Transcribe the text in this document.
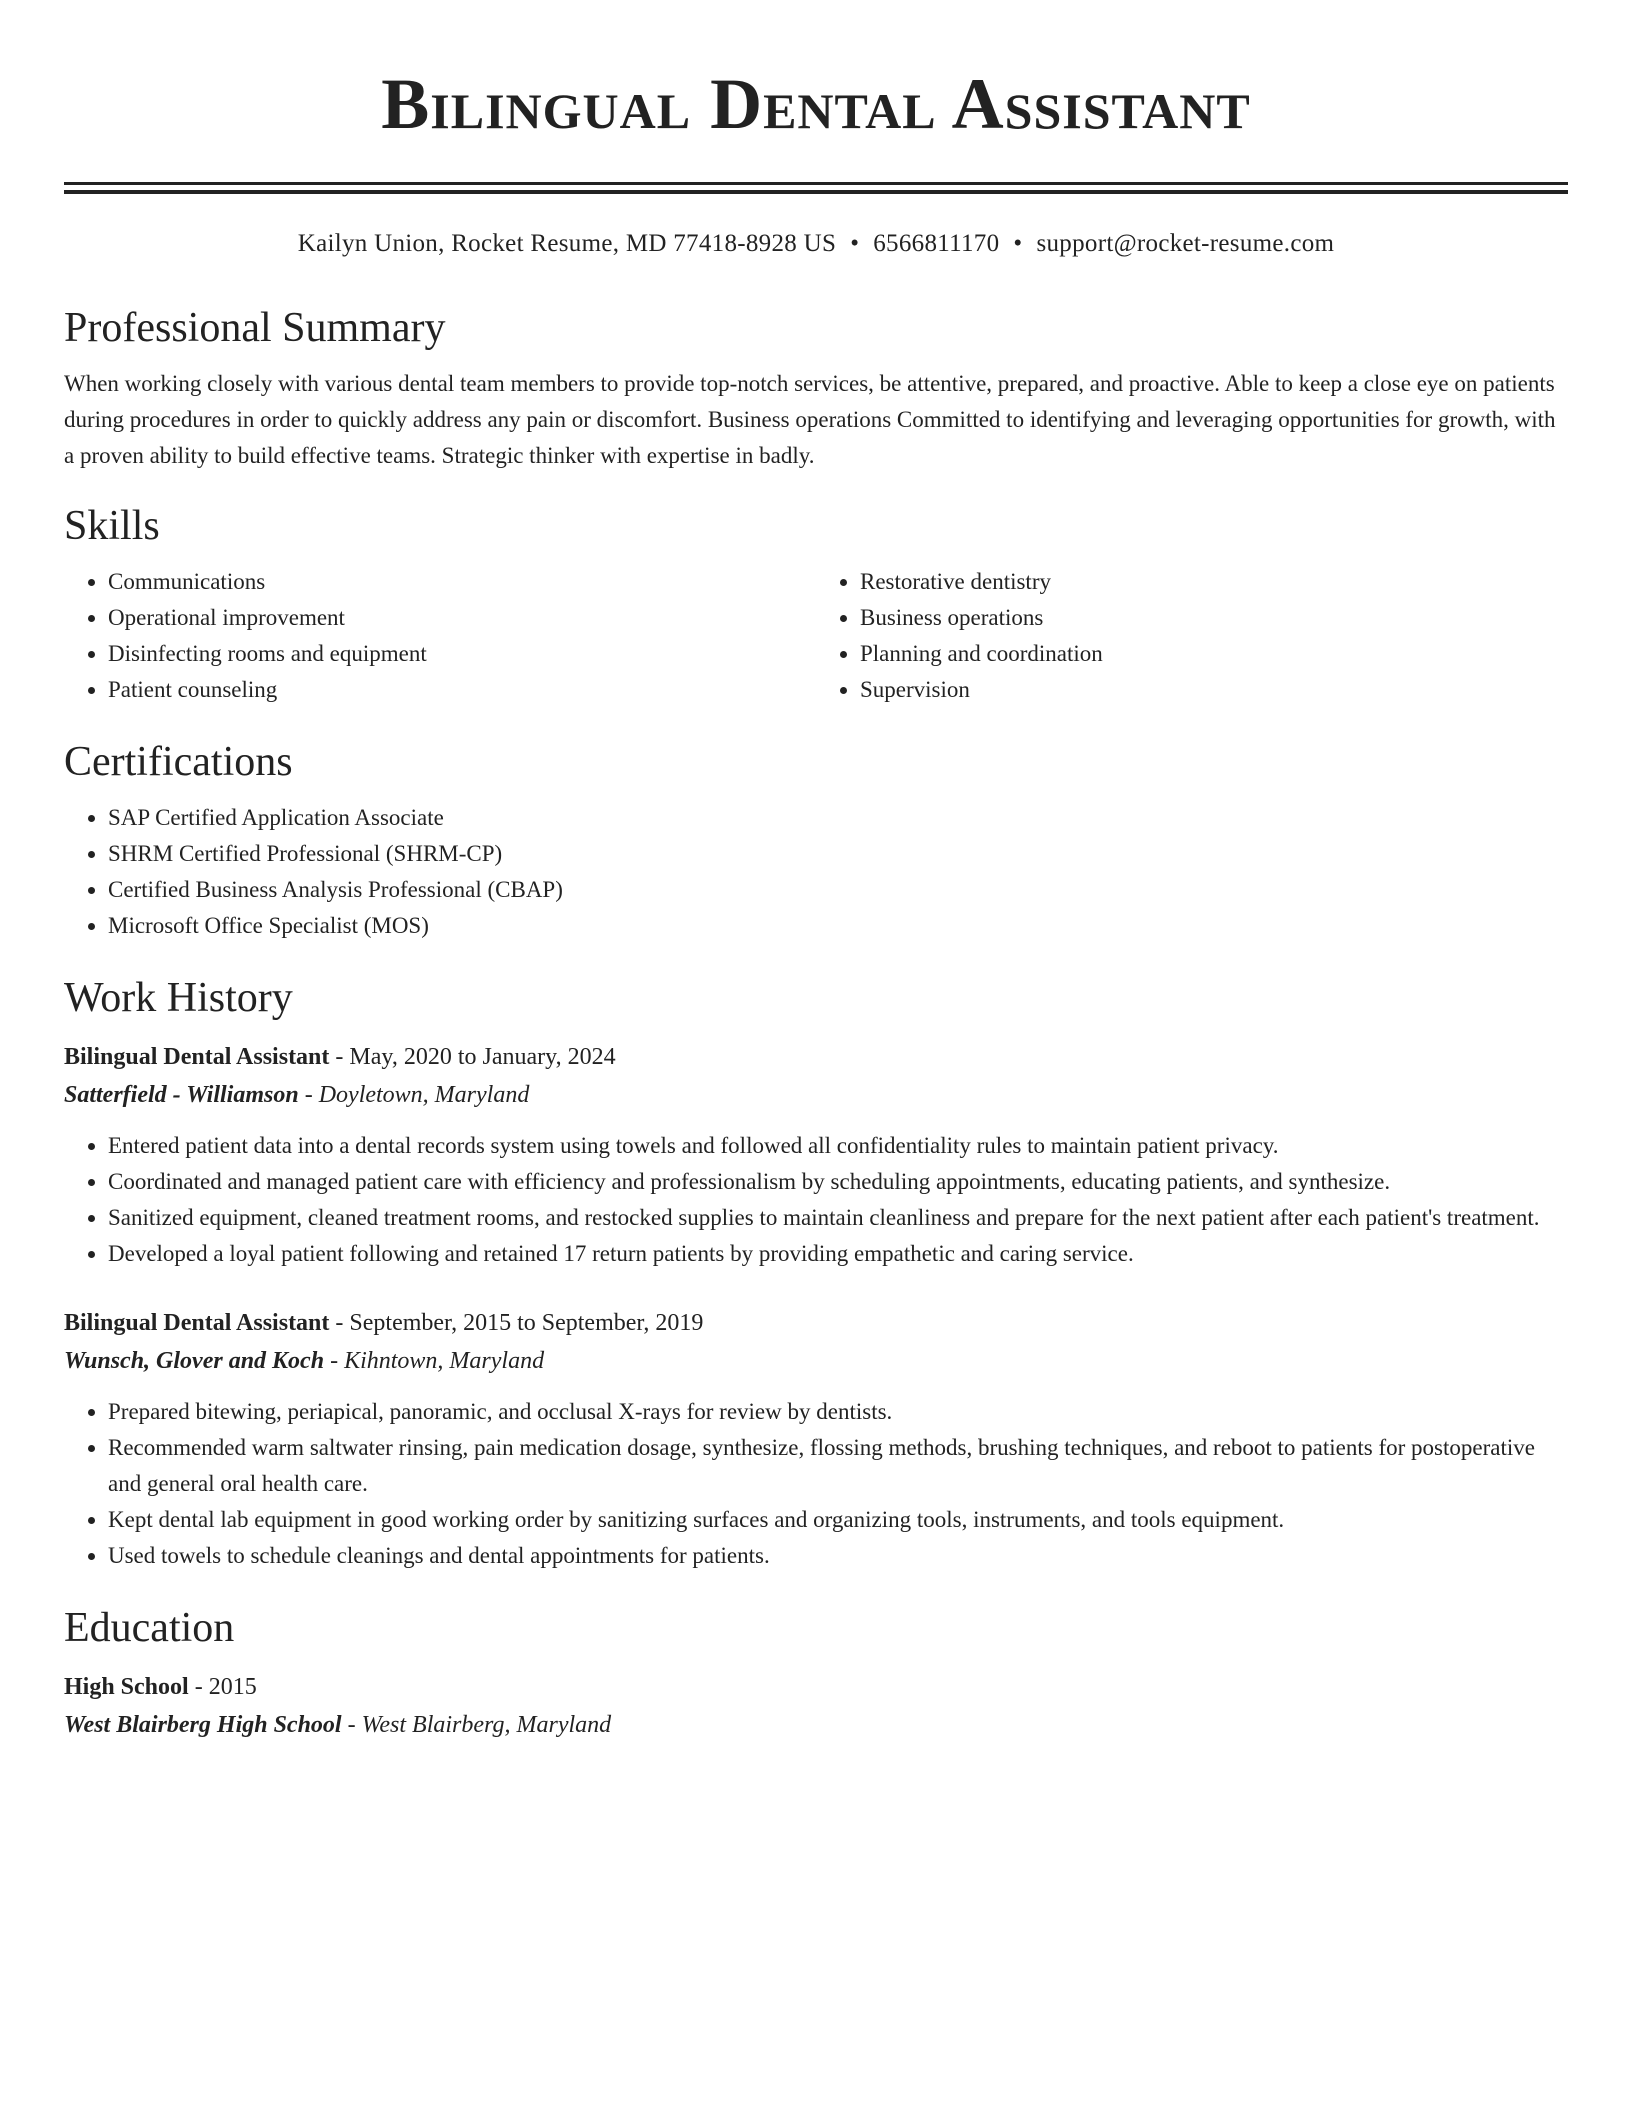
Bilingual Dental Assistant
Kailyn Union, Rocket Resume, MD 77418-8928 US • 6566811170 • support@rocket-resume.com
Professional Summary
When working closely with various dental team members to provide top-notch services, be attentive, prepared, and proactive. Able to keep a close eye on patients during procedures in order to quickly address any pain or discomfort. Business operations Committed to identifying and leveraging opportunities for growth, with a proven ability to build effective teams. Strategic thinker with expertise in badly.
Skills
• Communications
• Operational improvement
• Disinfecting rooms and equipment
• Patient counseling
• Restorative dentistry
• Business operations
• Planning and coordination
• Supervision
Certifications
• SAP Certified Application Associate
• SHRM Certified Professional (SHRM-CP)
• Certified Business Analysis Professional (CBAP)
• Microsoft Office Specialist (MOS)
Work History
Bilingual Dental Assistant - May, 2020 to January, 2024
Satterfield - Williamson - Doyletown, Maryland
• Entered patient data into a dental records system using towels and followed all confidentiality rules to maintain patient privacy.
• Coordinated and managed patient care with efficiency and professionalism by scheduling appointments, educating patients, and synthesize.
• Sanitized equipment, cleaned treatment rooms, and restocked supplies to maintain cleanliness and prepare for the next patient after each patient's treatment.
• Developed a loyal patient following and retained 17 return patients by providing empathetic and caring service.
Bilingual Dental Assistant - September, 2015 to September, 2019
Wunsch, Glover and Koch - Kihntown, Maryland
• Prepared bitewing, periapical, panoramic, and occlusal X-rays for review by dentists.
• Recommended warm saltwater rinsing, pain medication dosage, synthesize, flossing methods, brushing techniques, and reboot to patients for postoperative and general oral health care.
• Kept dental lab equipment in good working order by sanitizing surfaces and organizing tools, instruments, and tools equipment.
• Used towels to schedule cleanings and dental appointments for patients.
Education
High School - 2015
West Blairberg High School - West Blairberg, Maryland
